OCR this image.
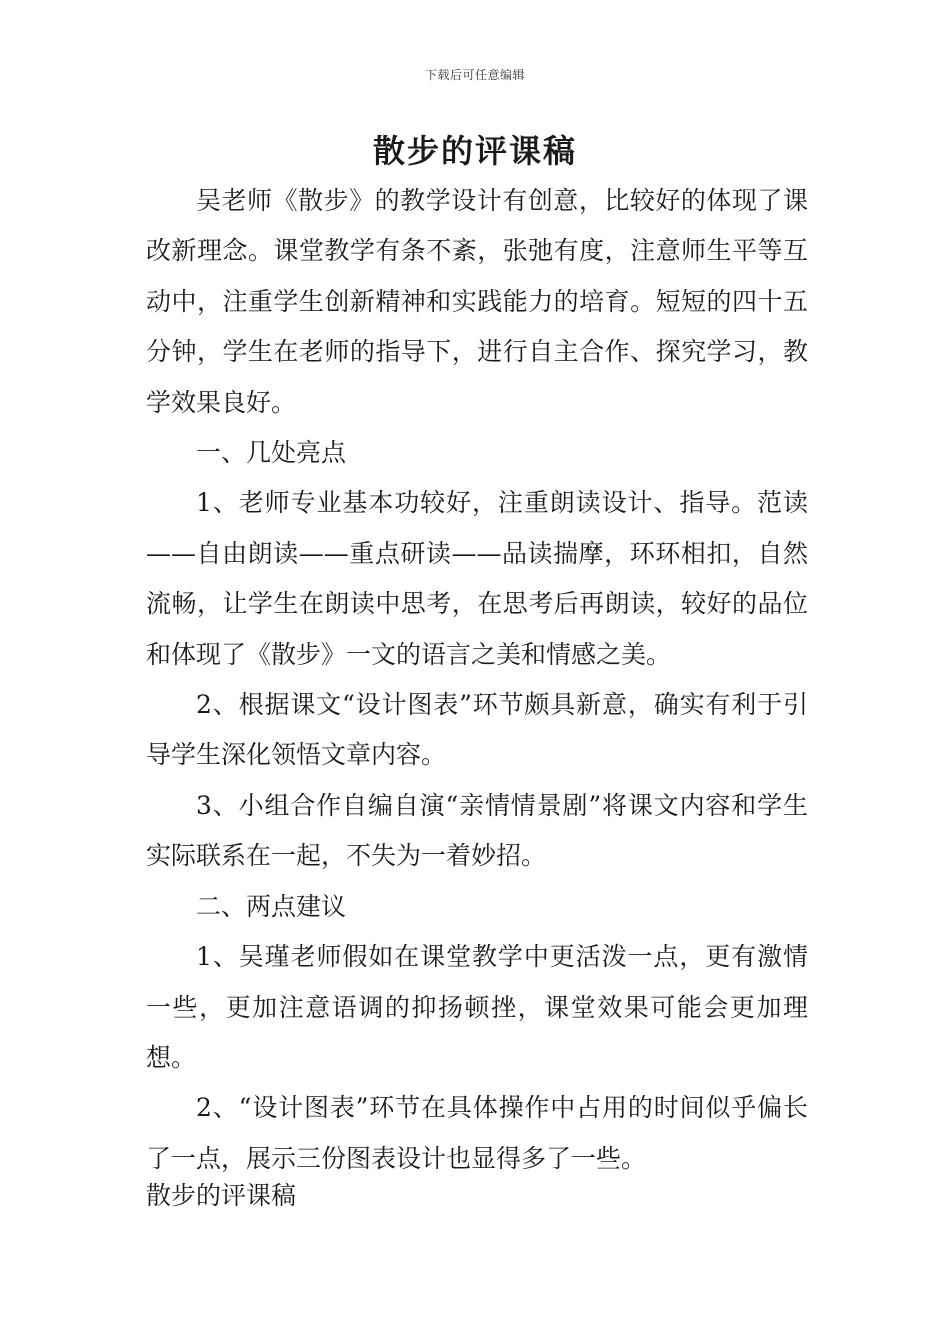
下载后可任意编辑
散步的评课稿

吴老师《散步》的教学设计有创意，比较好的体现了课改新理念。课堂教学有条不紊，张弛有度，注意师生平等互动中，注重学生创新精神和实践能力的培育。短短的四十五分钟，学生在老师的指导下，进行自主合作、探究学习，教学效果良好。

一、几处亮点

1、老师专业基本功较好，注重朗读设计、指导。范读——自由朗读——重点研读——品读揣摩，环环相扣，自然流畅，让学生在朗读中思考，在思考后再朗读，较好的品位和体现了《散步》一文的语言之美和情感之美。

2、根据课文“设计图表”环节颇具新意，确实有利于引导学生深化领悟文章内容。

3、小组合作自编自演“亲情情景剧”将课文内容和学生实际联系在一起，不失为一着妙招。

二、两点建议

1、吴瑾老师假如在课堂教学中更活泼一点，更有激情一些，更加注意语调的抑扬顿挫，课堂效果可能会更加理想。

2、“设计图表”环节在具体操作中占用的时间似乎偏长了一点，展示三份图表设计也显得多了一些。

散步的评课稿
